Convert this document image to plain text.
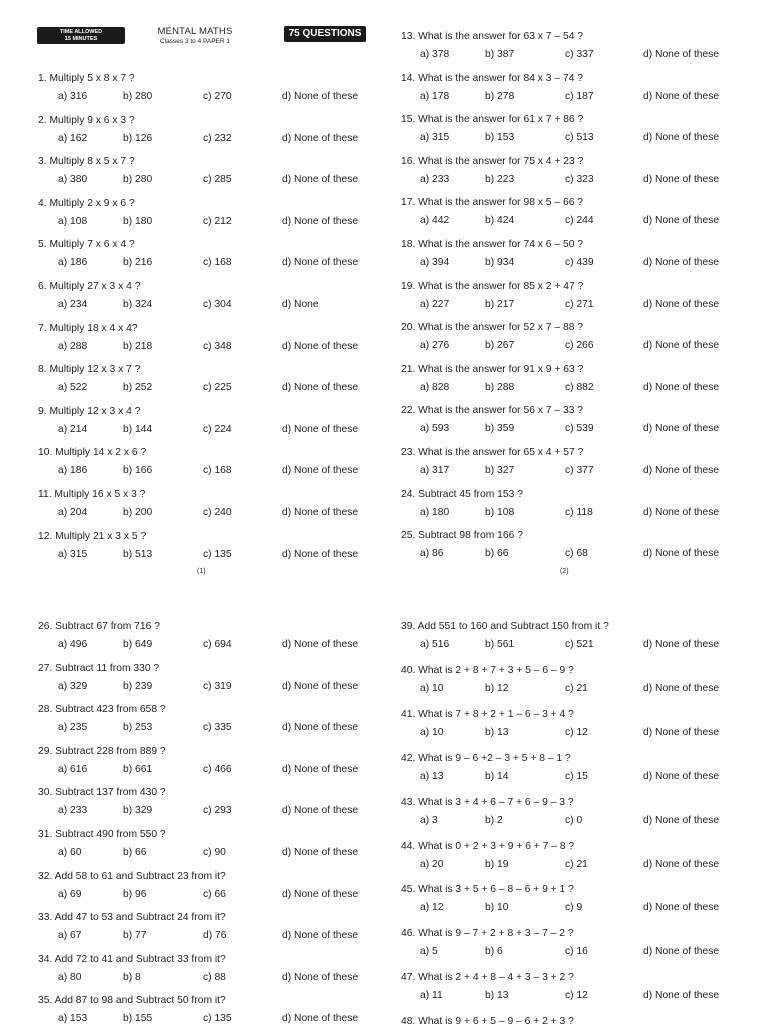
TIME ALLOWED
15 MINUTES
MENTAL MATHS
Classes 3 to 4 PAPER 1
75 QUESTIONS
1. Multiply 5 x 8 x 7 ?
a) 316	b) 280	c) 270	d) None of these
2. Multiply 9 x 6 x 3 ?
a) 162	b) 126	c) 232	d) None of these
3. Multiply 8 x 5 x 7 ?
a) 380	b) 280	c) 285	d) None of these
4. Multiply 2 x 9 x 6 ?
a) 108	b) 180	c) 212	d) None of these
5. Multiply 7 x 6 x 4 ?
a) 186	b) 216	c) 168	d) None of these
6. Multiply 27 x 3 x 4 ?
a) 234	b) 324	c) 304	d) None
7. Multiply 18 x 4 x 4?
a) 288	b) 218	c) 348	d) None of these
8. Multiply 12 x 3 x 7 ?
a) 522	b) 252	c) 225	d) None of these
9. Multiply 12 x 3 x 4 ?
a) 214	b) 144	c) 224	d) None of these
10. Multiply 14 x 2 x 6 ?
a) 186	b) 166	c) 168	d) None of these
11. Multiply 16 x 5 x 3 ?
a) 204	b) 200	c) 240	d) None of these
12. Multiply 21 x 3 x 5 ?
a) 315	b) 513	c) 135	d) None of these
13. What is the answer for 63 x 7 – 54 ?
a) 378	b) 387	c) 337	d) None of these
14. What is the answer for 84 x 3 – 74 ?
a) 178	b) 278	c) 187	d) None of these
15. What is the answer for 61 x 7 + 86 ?
a) 315	b) 153	c) 513	d) None of these
16. What is the answer for 75 x 4 + 23 ?
a) 233	b) 223	c) 323	d) None of these
17. What is the answer for 98 x 5 – 66 ?
a) 442	b) 424	c) 244	d) None of these
18. What is the answer for 74 x 6 – 50 ?
a) 394	b) 934	c) 439	d) None of these
19. What is the answer for 85 x 2 + 47 ?
a) 227	b) 217	c) 271	d) None of these
20. What is the answer for 52 x 7 – 88 ?
a) 276	b) 267	c) 266	d) None of these
21. What is the answer for 91 x 9 + 63 ?
a) 828	b) 288	c) 882	d) None of these
22. What is the answer for 56 x 7 – 33 ?
a) 593	b) 359	c) 539	d) None of these
23. What is the answer for 65 x 4 + 57 ?
a) 317	b) 327	c) 377	d) None of these
24. Subtract 45 from 153 ?
a) 180	b) 108	c) 118	d) None of these
25. Subtract 98 from 166 ?
a) 86	b) 66	c) 68	d) None of these
26. Subtract 67 from 716 ?
a) 496	b) 649	c) 694	d) None of these
27. Subtract 11 from 330 ?
a) 329	b) 239	c) 319	d) None of these
28. Subtract 423 from 658 ?
a) 235	b) 253	c) 335	d) None of these
29. Subtract 228 from 889 ?
a) 616	b) 661	c) 466	d) None of these
30. Subtract 137 from 430 ?
a) 233	b) 329	c) 293	d) None of these
31. Subtract 490 from 550 ?
a) 60	b) 66	c) 90	d) None of these
32. Add 58 to 61 and Subtract 23 from it?
a) 69	b) 96	c) 66	d) None of these
33. Add 47 to 53 and Subtract 24 from it?
a) 67	b) 77	d) 76	d) None of these
34. Add 72 to 41 and Subtract 33 from it?
a) 80	b) 8	c) 88	d) None of these
35. Add 87 to 98 and Subtract 50 from it?
a) 153	b) 155	c) 135	d) None of these
39. Add 551 to 160 and Subtract 150 from it ?
a) 516	b) 561	c) 521	d) None of these
40. What is 2 + 8 + 7 + 3 + 5 – 6 – 9 ?
a) 10	b) 12	c) 21	d) None of these
41. What is 7 + 8 + 2 + 1 – 6 – 3 + 4 ?
a) 10	b) 13	c) 12	d) None of these
42. What is 9 – 6 +2 – 3 + 5 + 8 – 1 ?
a) 13	b) 14	c) 15	d) None of these
43. What is 3 + 4 + 6 – 7 + 6 – 9 – 3 ?
a) 3	b) 2	c) 0	d) None of these
44. What is 0 + 2 + 3 + 9 + 6 + 7 – 8 ?
a) 20	b) 19	c) 21	d) None of these
45. What is 3 + 5 + 6 – 8 – 6 + 9 + 1 ?
a) 12	b) 10	c) 9	d) None of these
46. What is 9 – 7 + 2 + 8 + 3 – 7 – 2 ?
a) 5	b) 6	c) 16	d) None of these
47. What is 2 + 4 + 8 – 4 + 3 – 3 + 2 ?
a) 11	b) 13	c) 12	d) None of these
48. What is 9 + 6 + 5 – 9 – 6 + 2 + 3 ?
(1)	(2)
